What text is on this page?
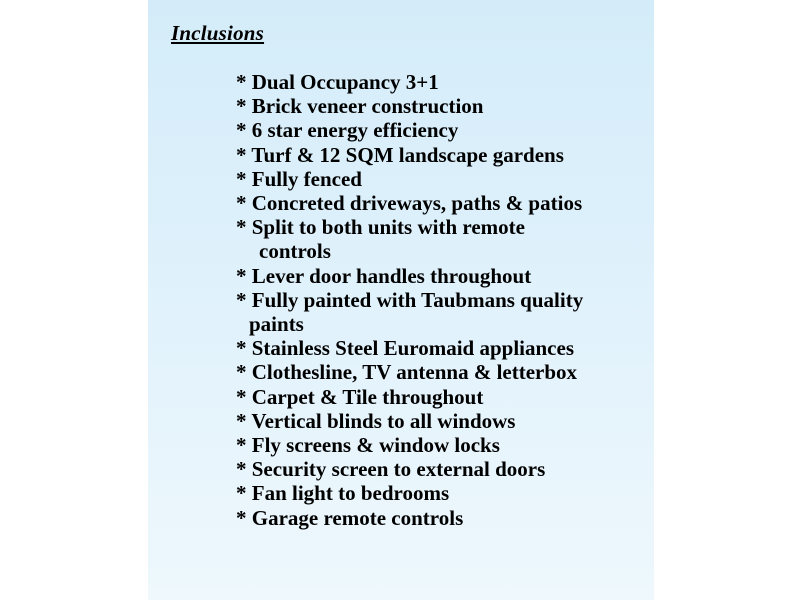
Inclusions
* Dual Occupancy 3+1
* Brick veneer construction
* 6 star energy efficiency
* Turf & 12 SQM landscape gardens
* Fully fenced
* Concreted driveways, paths & patios
* Split to both units with remote
controls
* Lever door handles throughout
* Fully painted with Taubmans quality
paints
* Stainless Steel Euromaid appliances
* Clothesline, TV antenna & letterbox
* Carpet & Tile throughout
* Vertical blinds to all windows
* Fly screens & window locks
* Security screen to external doors
* Fan light to bedrooms
* Garage remote controls
